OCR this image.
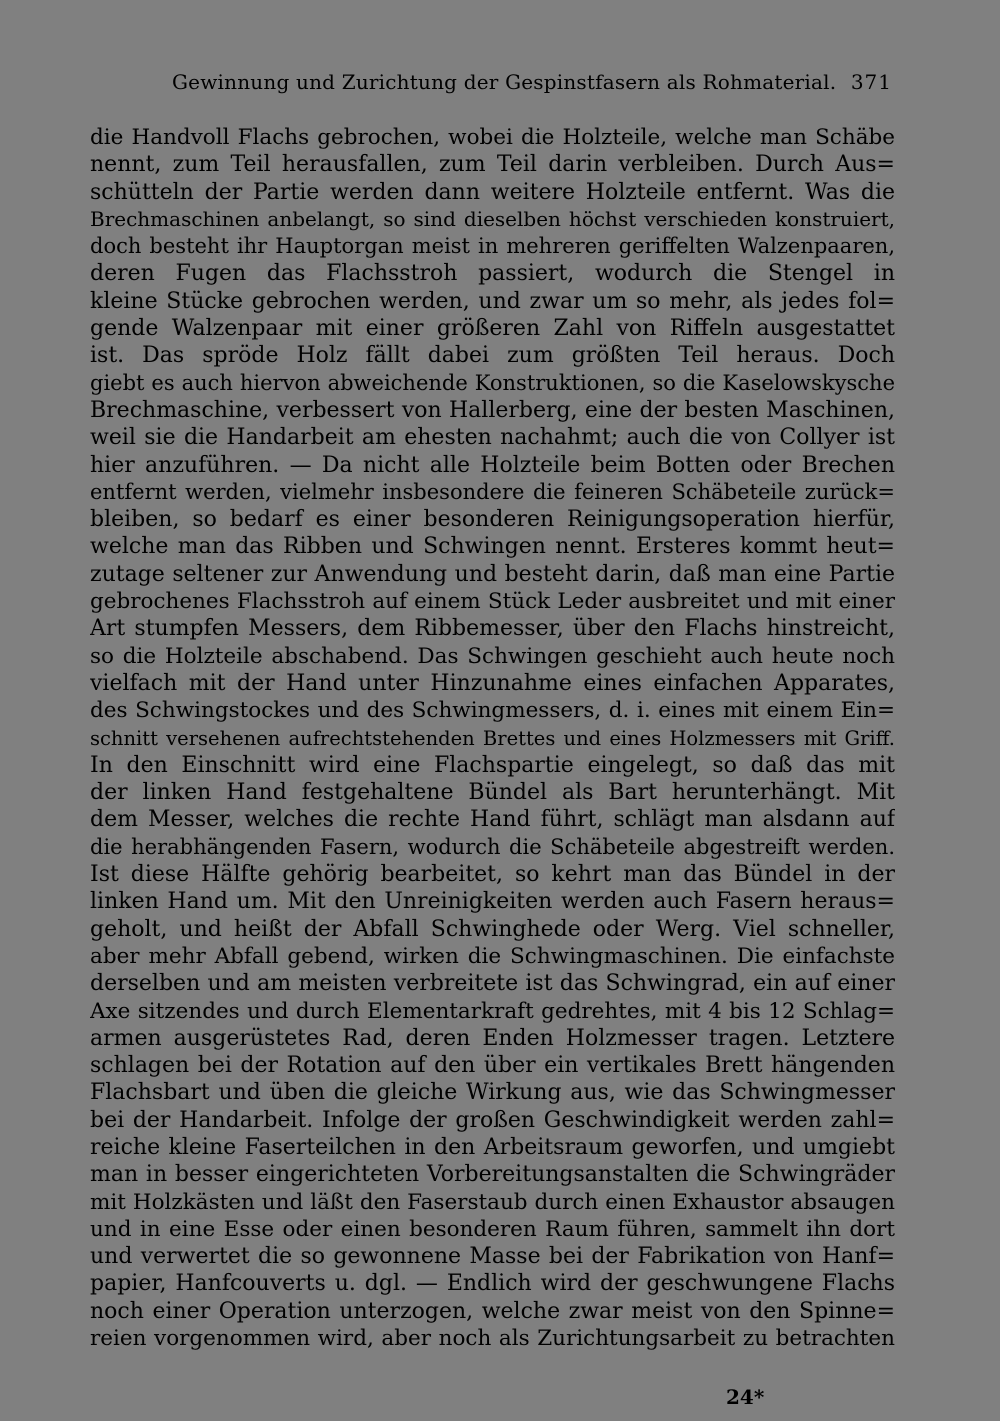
Gewinnung und Zurichtung der Gespinstfasern als Rohmaterial. 371
die Handvoll Flachs gebrochen, wobei die Holzteile, welche man Schäbe
nennt, zum Teil herausfallen, zum Teil darin verbleiben. Durch Aus=
schütteln der Partie werden dann weitere Holzteile entfernt. Was die
Brechmaschinen anbelangt, so sind dieselben höchst verschieden konstruiert,
doch besteht ihr Hauptorgan meist in mehreren geriffelten Walzenpaaren,
deren Fugen das Flachsstroh passiert, wodurch die Stengel in
kleine Stücke gebrochen werden, und zwar um so mehr, als jedes fol=
gende Walzenpaar mit einer größeren Zahl von Riffeln ausgestattet
ist. Das spröde Holz fällt dabei zum größten Teil heraus. Doch
giebt es auch hiervon abweichende Konstruktionen, so die Kaselowskysche
Brechmaschine, verbessert von Hallerberg, eine der besten Maschinen,
weil sie die Handarbeit am ehesten nachahmt; auch die von Collyer ist
hier anzuführen. — Da nicht alle Holzteile beim Botten oder Brechen
entfernt werden, vielmehr insbesondere die feineren Schäbeteile zurück=
bleiben, so bedarf es einer besonderen Reinigungsoperation hierfür,
welche man das Ribben und Schwingen nennt. Ersteres kommt heut=
zutage seltener zur Anwendung und besteht darin, daß man eine Partie
gebrochenes Flachsstroh auf einem Stück Leder ausbreitet und mit einer
Art stumpfen Messers, dem Ribbemesser, über den Flachs hinstreicht,
so die Holzteile abschabend. Das Schwingen geschieht auch heute noch
vielfach mit der Hand unter Hinzunahme eines einfachen Apparates,
des Schwingstockes und des Schwingmessers, d. i. eines mit einem Ein=
schnitt versehenen aufrechtstehenden Brettes und eines Holzmessers mit Griff.
In den Einschnitt wird eine Flachspartie eingelegt, so daß das mit
der linken Hand festgehaltene Bündel als Bart herunterhängt. Mit
dem Messer, welches die rechte Hand führt, schlägt man alsdann auf
die herabhängenden Fasern, wodurch die Schäbeteile abgestreift werden.
Ist diese Hälfte gehörig bearbeitet, so kehrt man das Bündel in der
linken Hand um. Mit den Unreinigkeiten werden auch Fasern heraus=
geholt, und heißt der Abfall Schwinghede oder Werg. Viel schneller,
aber mehr Abfall gebend, wirken die Schwingmaschinen. Die einfachste
derselben und am meisten verbreitete ist das Schwingrad, ein auf einer
Axe sitzendes und durch Elementarkraft gedrehtes, mit 4 bis 12 Schlag=
armen ausgerüstetes Rad, deren Enden Holzmesser tragen. Letztere
schlagen bei der Rotation auf den über ein vertikales Brett hängenden
Flachsbart und üben die gleiche Wirkung aus, wie das Schwingmesser
bei der Handarbeit. Infolge der großen Geschwindigkeit werden zahl=
reiche kleine Faserteilchen in den Arbeitsraum geworfen, und umgiebt
man in besser eingerichteten Vorbereitungsanstalten die Schwingräder
mit Holzkästen und läßt den Faserstaub durch einen Exhaustor absaugen
und in eine Esse oder einen besonderen Raum führen, sammelt ihn dort
und verwertet die so gewonnene Masse bei der Fabrikation von Hanf=
papier, Hanfcouverts u. dgl. — Endlich wird der geschwungene Flachs
noch einer Operation unterzogen, welche zwar meist von den Spinne=
reien vorgenommen wird, aber noch als Zurichtungsarbeit zu betrachten
24*
